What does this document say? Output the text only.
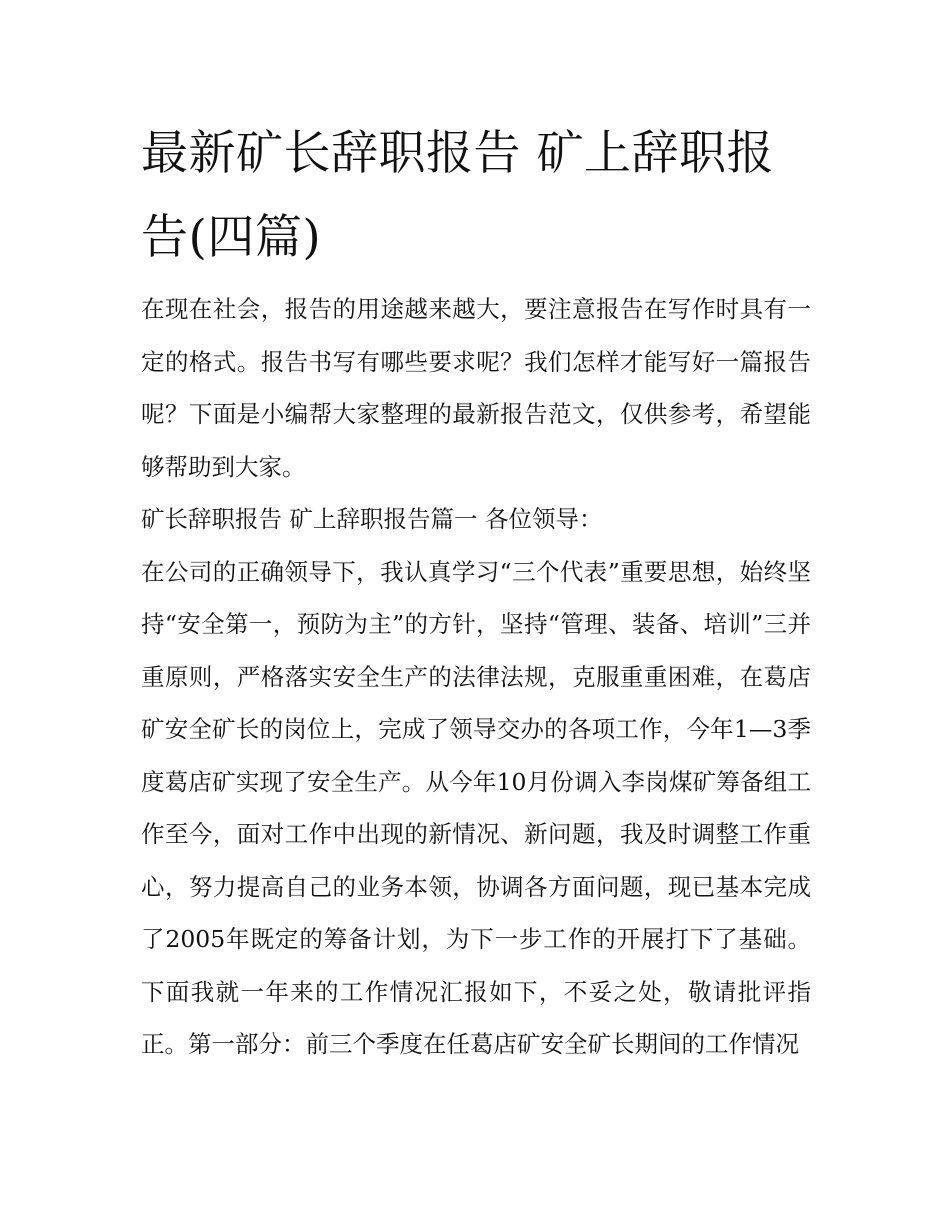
最新矿长辞职报告 矿上辞职报告(四篇)

在现在社会，报告的用途越来越大，要注意报告在写作时具有一定的格式。报告书写有哪些要求呢？我们怎样才能写好一篇报告呢？下面是小编帮大家整理的最新报告范文，仅供参考，希望能够帮助到大家。

矿长辞职报告 矿上辞职报告篇一 各位领导：

在公司的正确领导下，我认真学习“三个代表”重要思想，始终坚持“安全第一，预防为主”的方针，坚持“管理、装备、培训”三并重原则，严格落实安全生产的法律法规，克服重重困难，在葛店矿安全矿长的岗位上，完成了领导交办的各项工作，今年1—3季度葛店矿实现了安全生产。从今年10月份调入李岗煤矿筹备组工作至今，面对工作中出现的新情况、新问题，我及时调整工作重心，努力提高自己的业务本领，协调各方面问题，现已基本完成了2005年既定的筹备计划，为下一步工作的开展打下了基础。下面我就一年来的工作情况汇报如下，不妥之处，敬请批评指正。第一部分：前三个季度在任葛店矿安全矿长期间的工作情况
